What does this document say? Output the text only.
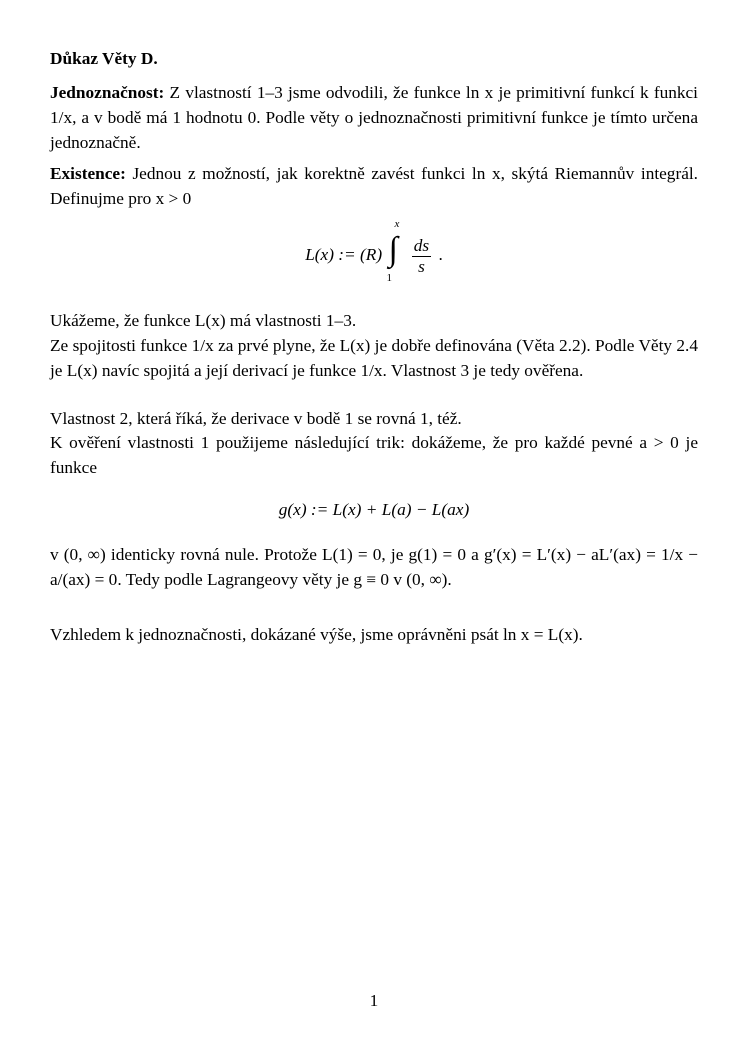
Důkaz Věty D.
Jednoznačnost: Z vlastností 1–3 jsme odvodili, že funkce ln x je primitivní funkcí k funkci 1/x, a v bodě má 1 hodnotu 0. Podle věty o jednoznačnosti primitivní funkce je tímto určena jednoznačně.
Existence: Jednou z možností, jak korektně zavést funkci ln x, skýtá Riemannův integrál. Definujme pro x > 0
L(x) := (R)
x
∫
1

$\frac{ds}{s}$ .
Ukážeme, že funkce L(x) má vlastnosti 1–3.
Ze spojitosti funkce 1/x za prvé plyne, že L(x) je dobře definována (Věta 2.2). Podle Věty 2.4 je L(x) navíc spojitá a její derivací je funkce 1/x. Vlastnost 3 je tedy ověřena.
Vlastnost 2, která říká, že derivace v bodě 1 se rovná 1, též.
K ověření vlastnosti 1 použijeme následující trik: dokážeme, že pro každé pevné a > 0 je funkce
g(x) := L(x) + L(a) − L(ax)
v (0, ∞) identicky rovná nule. Protože L(1) = 0, je g(1) = 0 a g′(x) = L′(x) − aL′(ax) = 1/x − a/(ax) = 0. Tedy podle Lagrangeovy věty je g ≡ 0 v (0, ∞).
Vzhledem k jednoznačnosti, dokázané výše, jsme oprávněni psát ln x = L(x).
1
